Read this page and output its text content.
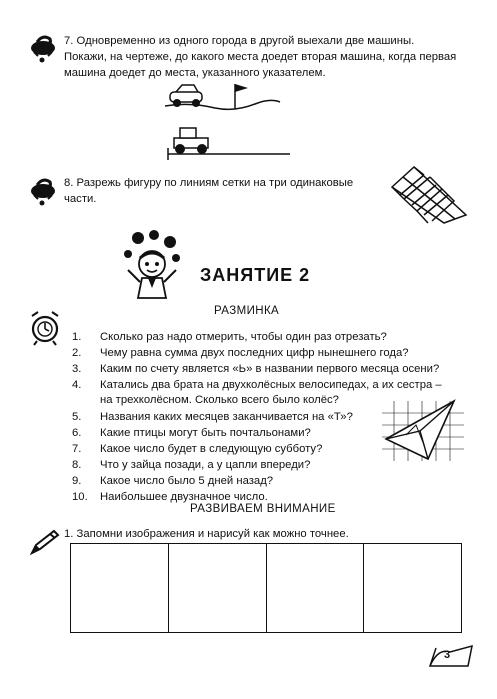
7. Одновременно из одного города в другой выехали две машины. Покажи, на чертеже, до какого места доедет вторая машина, когда первая машина доедет до места, указанного указателем.
8. Разрежь фигуру по линиям сетки на три одинаковые части.
ЗАНЯТИЕ 2
РАЗМИНКА
1.	Сколько раз надо отмерить, чтобы один раз отрезать?
2.	Чему равна сумма двух последних цифр нынешнего года?
3.	Каким по счету является «Ь» в названии первого месяца осени?
4.	Катались два брата на двухколёсных велосипедах, а их сестра –
на трехколёсном. Сколько всего было колёс?
5.	Названия каких месяцев заканчивается на «Т»?
6.	Какие птицы могут быть почтальонами?
7.	Какое число будет в следующую субботу?
8.	Что у зайца позади, а у цапли впереди?
9.	Какое число было 5 дней назад?
10.	Наибольшее двузначное число.
РАЗВИВАЕМ ВНИМАНИЕ
1. Запомни изображения и нарисуй как можно точнее.
3
